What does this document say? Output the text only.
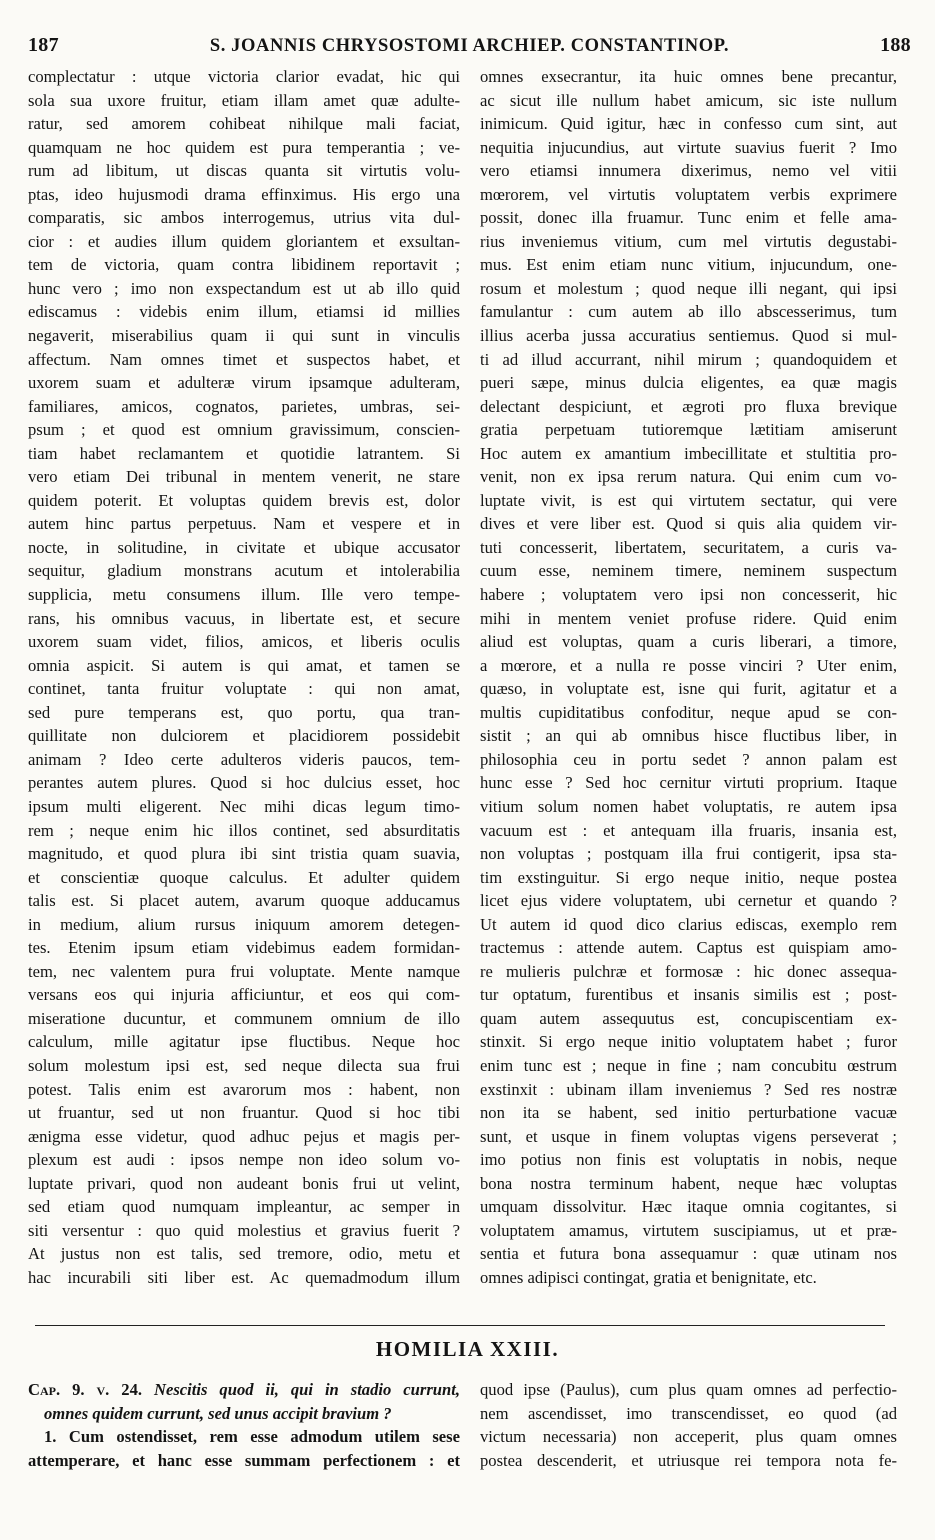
187	S. JOANNIS CHRYSOSTOMI ARCHIEP. CONSTANTINOP.	188
complectatur : utque victoria clarior evadat, hic qui
sola sua uxore fruitur, etiam illam amet quæ adulte-
ratur, sed amorem cohibeat nihilque mali faciat,
quamquam ne hoc quidem est pura temperantia ; ve-
rum ad libitum, ut discas quanta sit virtutis volu-
ptas, ideo hujusmodi drama effinximus. His ergo una
comparatis, sic ambos interrogemus, utrius vita dul-
cior : et audies illum quidem gloriantem et exsultan-
tem de victoria, quam contra libidinem reportavit ;
hunc vero ; imo non exspectandum est ut ab illo quid
ediscamus : videbis enim illum, etiamsi id millies
negaverit, miserabilius quam ii qui sunt in vinculis
affectum. Nam omnes timet et suspectos habet, et
uxorem suam et adulteræ virum ipsamque adulteram,
familiares, amicos, cognatos, parietes, umbras, sei-
psum ; et quod est omnium gravissimum, conscien-
tiam habet reclamantem et quotidie latrantem. Si
vero etiam Dei tribunal in mentem venerit, ne stare
quidem poterit. Et voluptas quidem brevis est, dolor
autem hinc partus perpetuus. Nam et vespere et in
nocte, in solitudine, in civitate et ubique accusator
sequitur, gladium monstrans acutum et intolerabilia
supplicia, metu consumens illum. Ille vero tempe-
rans, his omnibus vacuus, in libertate est, et secure
uxorem suam videt, filios, amicos, et liberis oculis
omnia aspicit. Si autem is qui amat, et tamen se
continet, tanta fruitur voluptate : qui non amat,
sed pure temperans est, quo portu, qua tran-
quillitate non dulciorem et placidiorem possidebit
animam ? Ideo certe adulteros videris paucos, tem-
perantes autem plures. Quod si hoc dulcius esset, hoc
ipsum multi eligerent. Nec mihi dicas legum timo-
rem ; neque enim hic illos continet, sed absurditatis
magnitudo, et quod plura ibi sint tristia quam suavia,
et conscientiæ quoque calculus. Et adulter quidem
talis est. Si placet autem, avarum quoque adducamus
in medium, alium rursus iniquum amorem detegen-
tes. Etenim ipsum etiam videbimus eadem formidan-
tem, nec valentem pura frui voluptate. Mente namque
versans eos qui injuria afficiuntur, et eos qui com-
miseratione ducuntur, et communem omnium de illo
calculum, mille agitatur ipse fluctibus. Neque hoc
solum molestum ipsi est, sed neque dilecta sua frui
potest. Talis enim est avarorum mos : habent, non
ut fruantur, sed ut non fruantur. Quod si hoc tibi
ænigma esse videtur, quod adhuc pejus et magis per-
plexum est audi : ipsos nempe non ideo solum vo-
luptate privari, quod non audeant bonis frui ut velint,
sed etiam quod numquam impleantur, ac semper in
siti versentur : quo quid molestius et gravius fuerit ?
At justus non est talis, sed tremore, odio, metu et
hac incurabili siti liber est. Ac quemadmodum illum
omnes exsecrantur, ita huic omnes bene precantur,
ac sicut ille nullum habet amicum, sic iste nullum
inimicum. Quid igitur, hæc in confesso cum sint, aut
nequitia injucundius, aut virtute suavius fuerit ? Imo
vero etiamsi innumera dixerimus, nemo vel vitii
mœrorem, vel virtutis voluptatem verbis exprimere
possit, donec illa fruamur. Tunc enim et felle ama-
rius inveniemus vitium, cum mel virtutis degustabi-
mus. Est enim etiam nunc vitium, injucundum, one-
rosum et molestum ; quod neque illi negant, qui ipsi
famulantur : cum autem ab illo abscesserimus, tum
illius acerba jussa accuratius sentiemus. Quod si mul-
ti ad illud accurrant, nihil mirum ; quandoquidem et
pueri sæpe, minus dulcia eligentes, ea quæ magis
delectant despiciunt, et ægroti pro fluxa brevique
gratia perpetuam tutioremque lætitiam amiserunt
Hoc autem ex amantium imbecillitate et stultitia pro-
venit, non ex ipsa rerum natura. Qui enim cum vo-
luptate vivit, is est qui virtutem sectatur, qui vere
dives et vere liber est. Quod si quis alia quidem vir-
tuti concesserit, libertatem, securitatem, a curis va-
cuum esse, neminem timere, neminem suspectum
habere ; voluptatem vero ipsi non concesserit, hic
mihi in mentem veniet profuse ridere. Quid enim
aliud est voluptas, quam a curis liberari, a timore,
a mœrore, et a nulla re posse vinciri ? Uter enim,
quæso, in voluptate est, isne qui furit, agitatur et a
multis cupiditatibus confoditur, neque apud se con-
sistit ; an qui ab omnibus hisce fluctibus liber, in
philosophia ceu in portu sedet ? annon palam est
hunc esse ? Sed hoc cernitur virtuti proprium. Itaque
vitium solum nomen habet voluptatis, re autem ipsa
vacuum est : et antequam illa fruaris, insania est,
non voluptas ; postquam illa frui contigerit, ipsa sta-
tim exstinguitur. Si ergo neque initio, neque postea
licet ejus videre voluptatem, ubi cernetur et quando ?
Ut autem id quod dico clarius ediscas, exemplo rem
tractemus : attende autem. Captus est quispiam amo-
re mulieris pulchræ et formosæ : hic donec assequa-
tur optatum, furentibus et insanis similis est ; post-
quam autem assequutus est, concupiscentiam ex-
stinxit. Si ergo neque initio voluptatem habet ; furor
enim tunc est ; neque in fine ; nam concubitu œstrum
exstinxit : ubinam illam inveniemus ? Sed res nostræ
non ita se habent, sed initio perturbatione vacuæ
sunt, et usque in finem voluptas vigens perseverat ;
imo potius non finis est voluptatis in nobis, neque
bona nostra terminum habent, neque hæc voluptas
umquam dissolvitur. Hæc itaque omnia cogitantes, si
voluptatem amamus, virtutem suscipiamus, ut et præ-
sentia et futura bona assequamur : quæ utinam nos
omnes adipisci contingat, gratia et benignitate, etc.
HOMILIA XXIII.
Cap. 9. v. 24. Nescitis quod ii, qui in stadio currunt,
omnes quidem currunt, sed unus accipit bravium ?
1. Cum ostendisset, rem esse admodum utilem sese
attemperare, et hanc esse summam perfectionem : et
quod ipse (Paulus), cum plus quam omnes ad perfectio-
nem ascendisset, imo transcendisset, eo quod (ad
victum necessaria) non acceperit, plus quam omnes
postea descenderit, et utriusque rei tempora nota fe-
